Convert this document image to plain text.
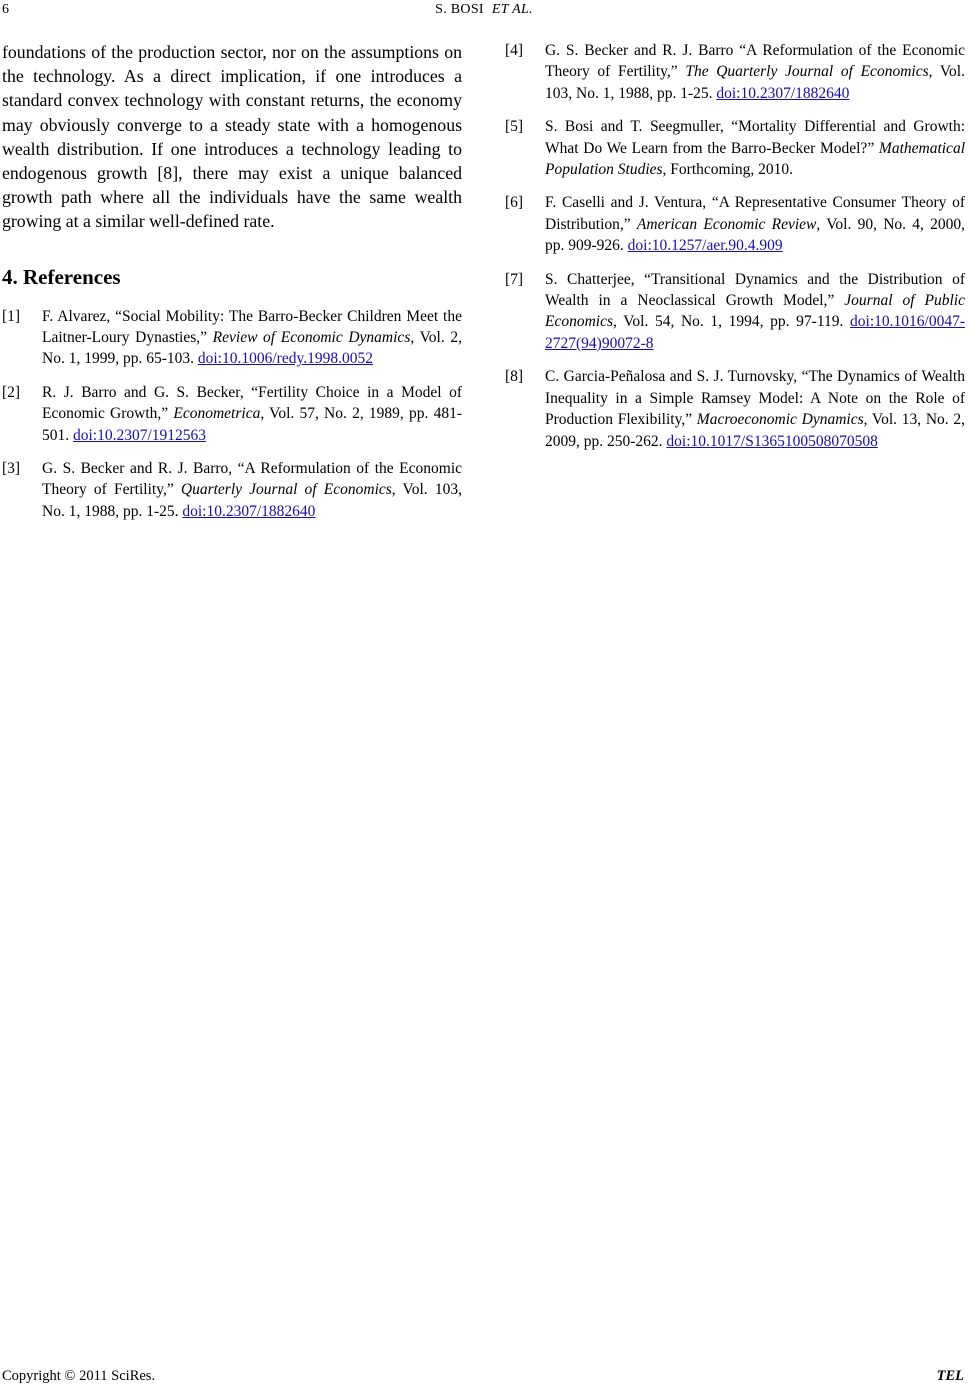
6	S. BOSI ET AL.

foundations of the production sector, nor on the assumptions on the technology. As a direct implication, if one introduces a standard convex technology with constant returns, the economy may obviously converge to a steady state with a homogenous wealth distribution. If one introduces a technology leading to endogenous growth [8], there may exist a unique balanced growth path where all the individuals have the same wealth growing at a similar well-defined rate.

4. References
[1] F. Alvarez, “Social Mobility: The Barro-Becker Children Meet the Laitner-Loury Dynasties,” Review of Economic Dynamics, Vol. 2, No. 1, 1999, pp. 65-103. doi:10.1006/redy.1998.0052
[2] R. J. Barro and G. S. Becker, “Fertility Choice in a Model of Economic Growth,” Econometrica, Vol. 57, No. 2, 1989, pp. 481-501. doi:10.2307/1912563
[3] G. S. Becker and R. J. Barro, “A Reformulation of the Economic Theory of Fertility,” Quarterly Journal of Economics, Vol. 103, No. 1, 1988, pp. 1-25. doi:10.2307/1882640
[4] G. S. Becker and R. J. Barro “A Reformulation of the Economic Theory of Fertility,” The Quarterly Journal of Economics, Vol. 103, No. 1, 1988, pp. 1-25. doi:10.2307/1882640
[5] S. Bosi and T. Seegmuller, “Mortality Differential and Growth: What Do We Learn from the Barro-Becker Model?” Mathematical Population Studies, Forthcoming, 2010.
[6] F. Caselli and J. Ventura, “A Representative Consumer Theory of Distribution,” American Economic Review, Vol. 90, No. 4, 2000, pp. 909-926. doi:10.1257/aer.90.4.909
[7] S. Chatterjee, “Transitional Dynamics and the Distribution of Wealth in a Neoclassical Growth Model,” Journal of Public Economics, Vol. 54, No. 1, 1994, pp. 97-119. doi:10.1016/0047-2727(94)90072-8
[8] C. Garcia-Peñalosa and S. J. Turnovsky, “The Dynamics of Wealth Inequality in a Simple Ramsey Model: A Note on the Role of Production Flexibility,” Macroeconomic Dynamics, Vol. 13, No. 2, 2009, pp. 250-262. doi:10.1017/S1365100508070508
Copyright © 2011 SciRes.	TEL
